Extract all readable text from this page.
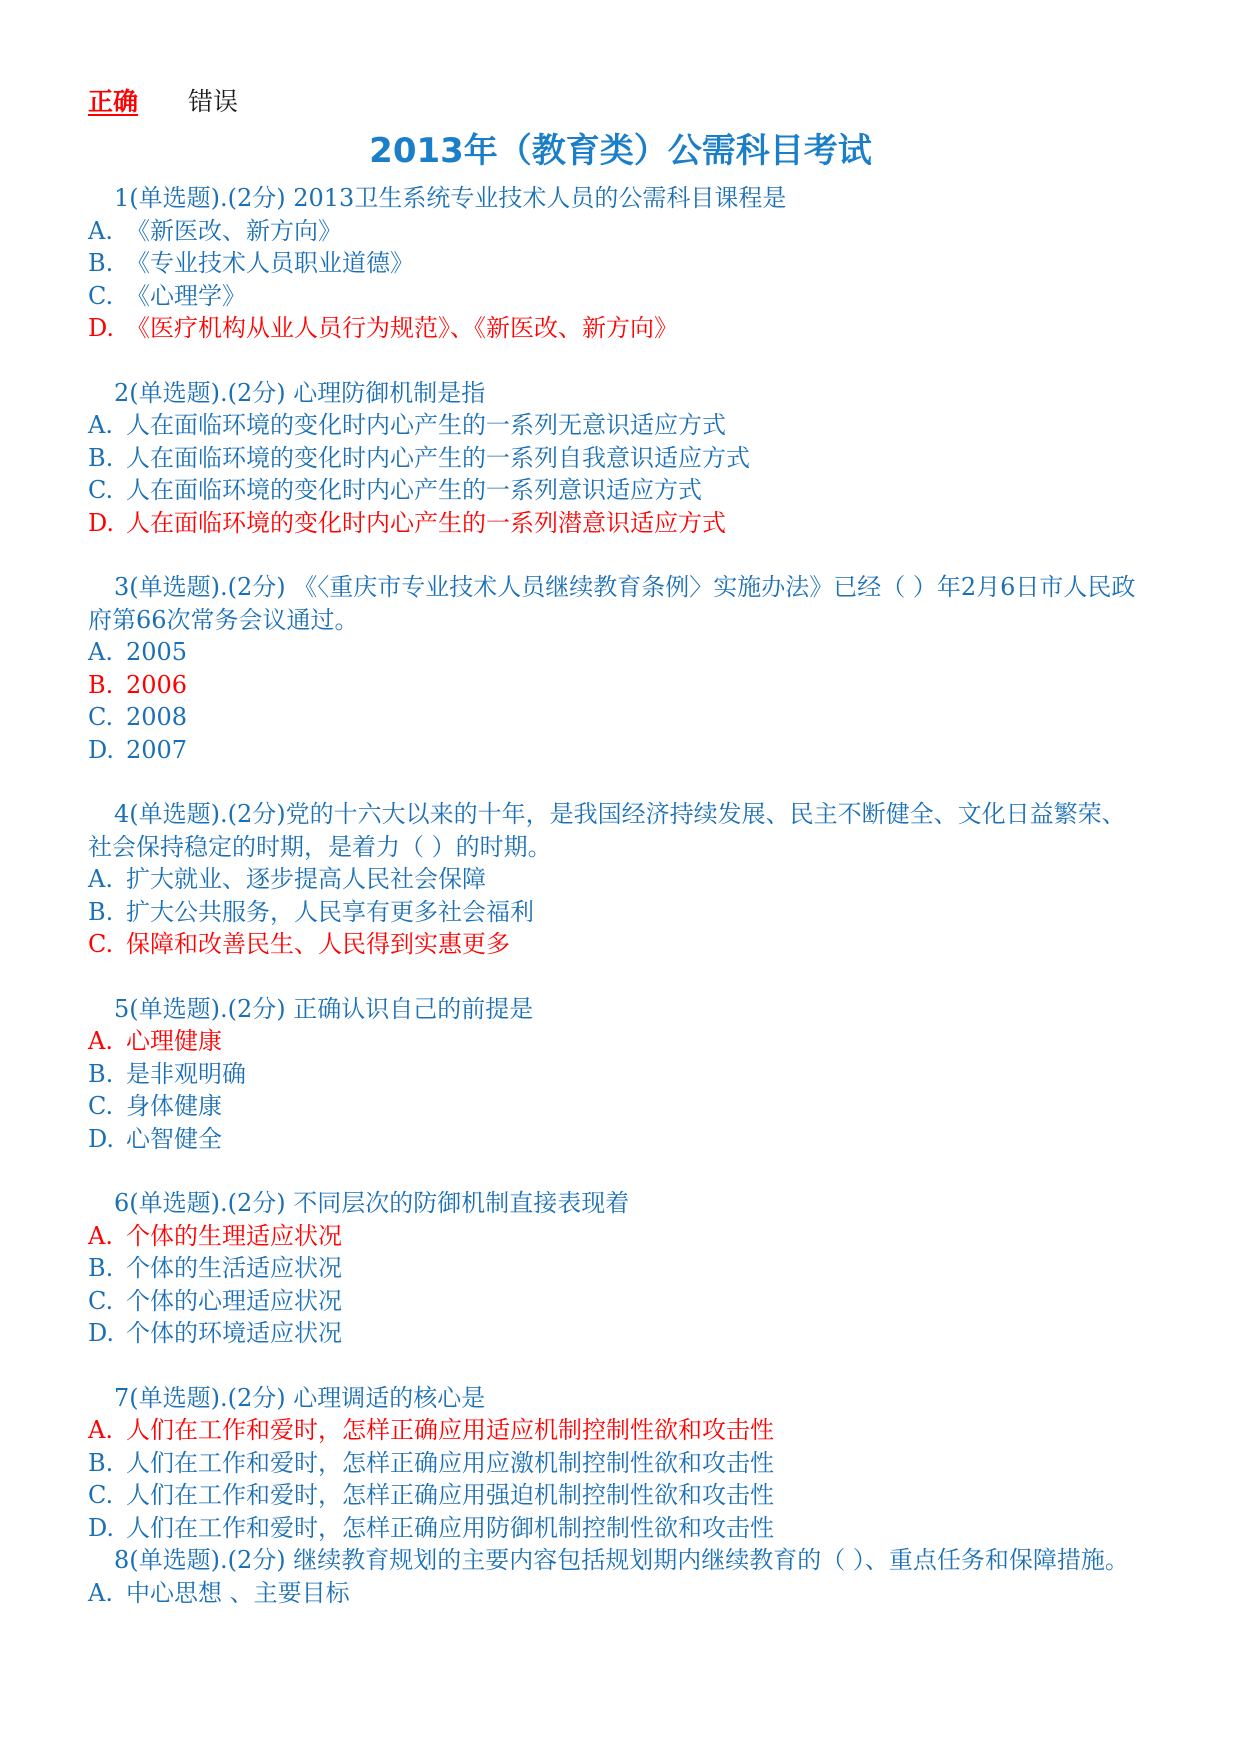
正确 错误
2013年（教育类）公需科目考试

1(单选题).(2分) 2013卫生系统专业技术人员的公需科目课程是

A. 《新医改、新方向》

B. 《专业技术人员职业道德》

C. 《心理学》

D. 《医疗机构从业人员行为规范》、《新医改、新方向》

2(单选题).(2分) 心理防御机制是指

A. 人在面临环境的变化时内心产生的一系列无意识适应方式

B. 人在面临环境的变化时内心产生的一系列自我意识适应方式

C. 人在面临环境的变化时内心产生的一系列意识适应方式

D. 人在面临环境的变化时内心产生的一系列潜意识适应方式

3(单选题).(2分) 《〈重庆市专业技术人员继续教育条例〉实施办法》已经（ ）年2月6日市人民政府第66次常务会议通过。

A. 2005

B. 2006

C. 2008

D. 2007

4(单选题).(2分)党的十六大以来的十年，是我国经济持续发展、民主不断健全、文化日益繁荣、社会保持稳定的时期，是着力（ ）的时期。

A. 扩大就业、逐步提高人民社会保障

B. 扩大公共服务，人民享有更多社会福利

C. 保障和改善民生、人民得到实惠更多

5(单选题).(2分) 正确认识自己的前提是

A. 心理健康

B. 是非观明确

C. 身体健康

D. 心智健全

6(单选题).(2分) 不同层次的防御机制直接表现着

A. 个体的生理适应状况

B. 个体的生活适应状况

C. 个体的心理适应状况

D. 个体的环境适应状况

7(单选题).(2分) 心理调适的核心是

A. 人们在工作和爱时，怎样正确应用适应机制控制性欲和攻击性

B. 人们在工作和爱时，怎样正确应用应激机制控制性欲和攻击性

C. 人们在工作和爱时，怎样正确应用强迫机制控制性欲和攻击性

D. 人们在工作和爱时，怎样正确应用防御机制控制性欲和攻击性

8(单选题).(2分) 继续教育规划的主要内容包括规划期内继续教育的（ ）、重点任务和保障措施。

A. 中心思想 、主要目标
